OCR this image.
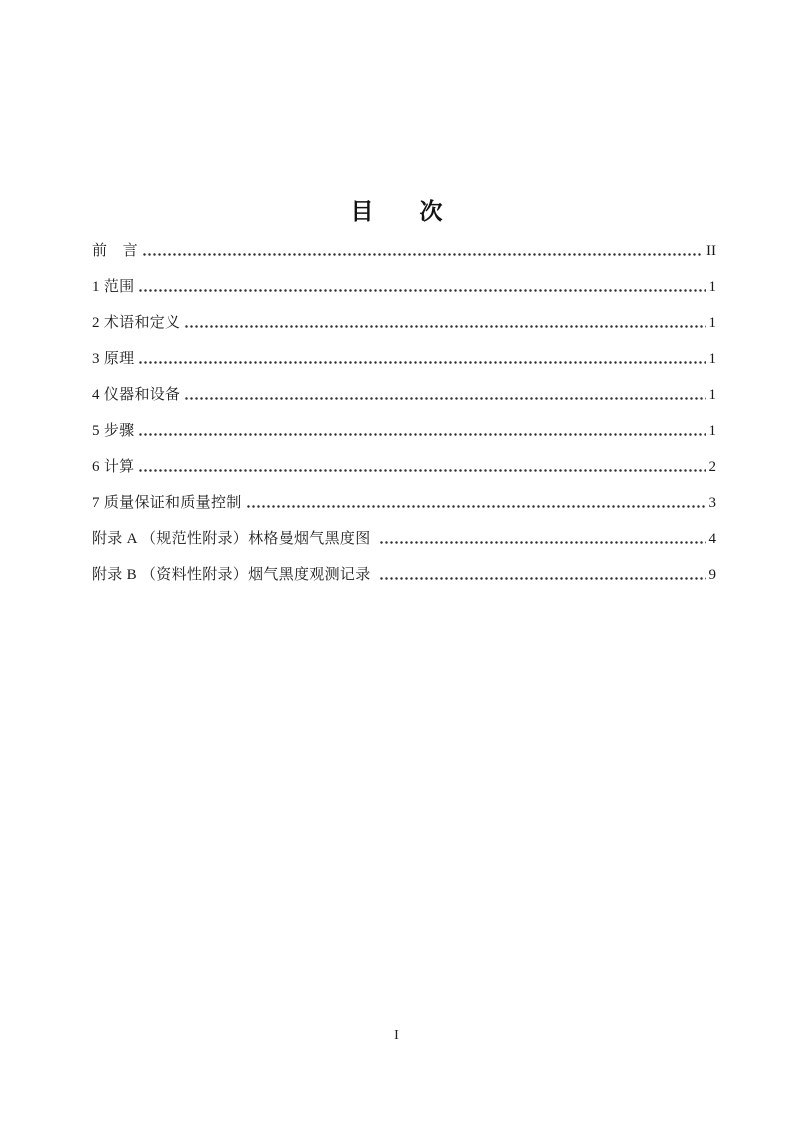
目　　次
前　言	II
1 范围	1
2 术语和定义	1
3 原理	1
4 仪器和设备	1
5 步骤	1
6 计算	2
7 质量保证和质量控制	3
附录 A （规范性附录）林格曼烟气黑度图	4
附录 B （资料性附录）烟气黑度观测记录	9
I
